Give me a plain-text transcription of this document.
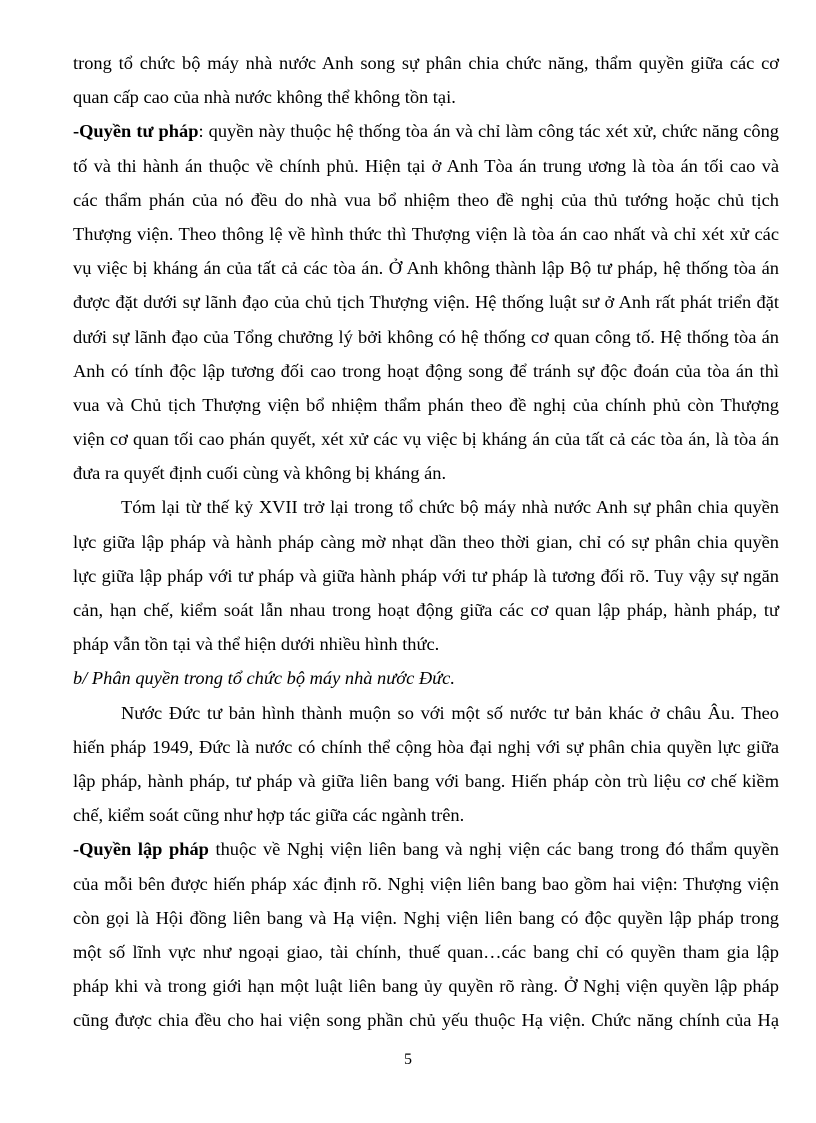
trong tổ chức bộ máy nhà nước Anh song sự phân chia chức năng, thẩm quyền giữa các cơ
quan cấp cao của nhà nước không thể không tồn tại.
-Quyền tư pháp: quyền này thuộc hệ thống tòa án và chỉ làm công tác xét xử, chức năng công
tố và thi hành án thuộc về chính phủ. Hiện tại ở Anh Tòa án trung ương là tòa án tối cao và
các thẩm phán của nó đều do nhà vua bổ nhiệm theo đề nghị của thủ tướng hoặc chủ tịch
Thượng viện. Theo thông lệ về hình thức thì Thượng viện là tòa án cao nhất và chỉ xét xử các
vụ việc bị kháng án của tất cả các tòa án. Ở Anh không thành lập Bộ tư pháp, hệ thống tòa án
được đặt dưới sự lãnh đạo của chủ tịch Thượng viện. Hệ thống luật sư ở Anh rất phát triển đặt
dưới sự lãnh đạo của Tổng chưởng lý bởi không có hệ thống cơ quan công tố. Hệ thống tòa án
Anh có tính độc lập tương đối cao trong hoạt động song để tránh sự độc đoán của tòa án thì
vua và Chủ tịch Thượng viện bổ nhiệm thẩm phán theo đề nghị của chính phủ còn Thượng
viện cơ quan tối cao phán quyết, xét xử các vụ việc bị kháng án của tất cả các tòa án, là tòa án
đưa ra quyết định cuối cùng và không bị kháng án.
Tóm lại từ thế kỷ XVII trở lại trong tổ chức bộ máy nhà nước Anh sự phân chia quyền
lực giữa lập pháp và hành pháp càng mờ nhạt dần theo thời gian, chỉ có sự phân chia quyền
lực giữa lập pháp với tư pháp và giữa hành pháp với tư pháp là tương đối rõ. Tuy vậy sự ngăn
cản, hạn chế, kiểm soát lẫn nhau trong hoạt động giữa các cơ quan lập pháp, hành pháp, tư
pháp vẫn tồn tại và thể hiện dưới nhiều hình thức.
b/ Phân quyền trong tổ chức bộ máy nhà nước Đức.
Nước Đức tư bản hình thành muộn so với một số nước tư bản khác ở châu Âu. Theo
hiến pháp 1949, Đức là nước có chính thể cộng hòa đại nghị với sự phân chia quyền lực giữa
lập pháp, hành pháp, tư pháp và giữa liên bang với bang. Hiến pháp còn trù liệu cơ chế kiềm
chế, kiểm soát cũng như hợp tác giữa các ngành trên.
-Quyền lập pháp thuộc về Nghị viện liên bang và nghị viện các bang trong đó thẩm quyền
của mỗi bên được hiến pháp xác định rõ. Nghị viện liên bang bao gồm hai viện: Thượng viện
còn gọi là Hội đồng liên bang và Hạ viện. Nghị viện liên bang có độc quyền lập pháp trong
một số lĩnh vực như ngoại giao, tài chính, thuế quan…các bang chỉ có quyền tham gia lập
pháp khi và trong giới hạn một luật liên bang ủy quyền rõ ràng. Ở Nghị viện quyền lập pháp
cũng được chia đều cho hai viện song phần chủ yếu thuộc Hạ viện. Chức năng chính của Hạ
5
